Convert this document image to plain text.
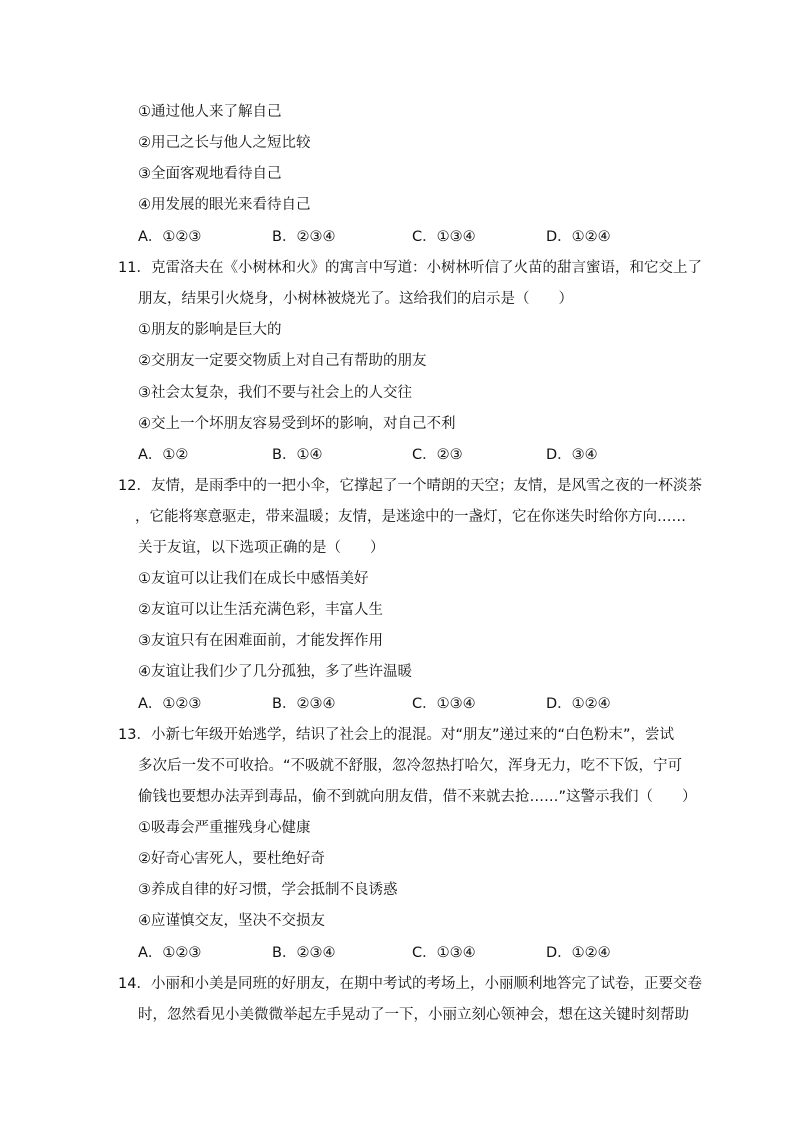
①通过他人来了解自己
②用己之长与他人之短比较
③全面客观地看待自己
④用发展的眼光来看待自己
A．①②③	B．②③④	C．①③④	D．①②④
11．克雷洛夫在《小树林和火》的寓言中写道：小树林听信了火苗的甜言蜜语，和它交上了
朋友，结果引火烧身，小树林被烧光了。这给我们的启示是（　　）
①朋友的影响是巨大的
②交朋友一定要交物质上对自己有帮助的朋友
③社会太复杂，我们不要与社会上的人交往
④交上一个坏朋友容易受到坏的影响，对自己不利
A．①②	B．①④	C．②③	D．③④
12．友情，是雨季中的一把小伞，它撑起了一个晴朗的天空；友情，是风雪之夜的一杯淡茶
，它能将寒意驱走，带来温暖；友情，是迷途中的一盏灯，它在你迷失时给你方向……
关于友谊，以下选项正确的是（　　）
①友谊可以让我们在成长中感悟美好
②友谊可以让生活充满色彩，丰富人生
③友谊只有在困难面前，才能发挥作用
④友谊让我们少了几分孤独，多了些许温暖
A．①②③	B．②③④	C．①③④	D．①②④
13．小新七年级开始逃学，结识了社会上的混混。对“朋友”递过来的“白色粉末”，尝试
多次后一发不可收拾。“不吸就不舒服，忽冷忽热打哈欠，浑身无力，吃不下饭，宁可
偷钱也要想办法弄到毒品，偷不到就向朋友借，借不来就去抢……”这警示我们（　　）
①吸毒会严重摧残身心健康
②好奇心害死人，要杜绝好奇
③养成自律的好习惯，学会抵制不良诱惑
④应谨慎交友，坚决不交损友
A．①②③	B．②③④	C．①③④	D．①②④
14．小丽和小美是同班的好朋友，在期中考试的考场上，小丽顺利地答完了试卷，正要交卷
时，忽然看见小美微微举起左手晃动了一下，小丽立刻心领神会，想在这关键时刻帮助
